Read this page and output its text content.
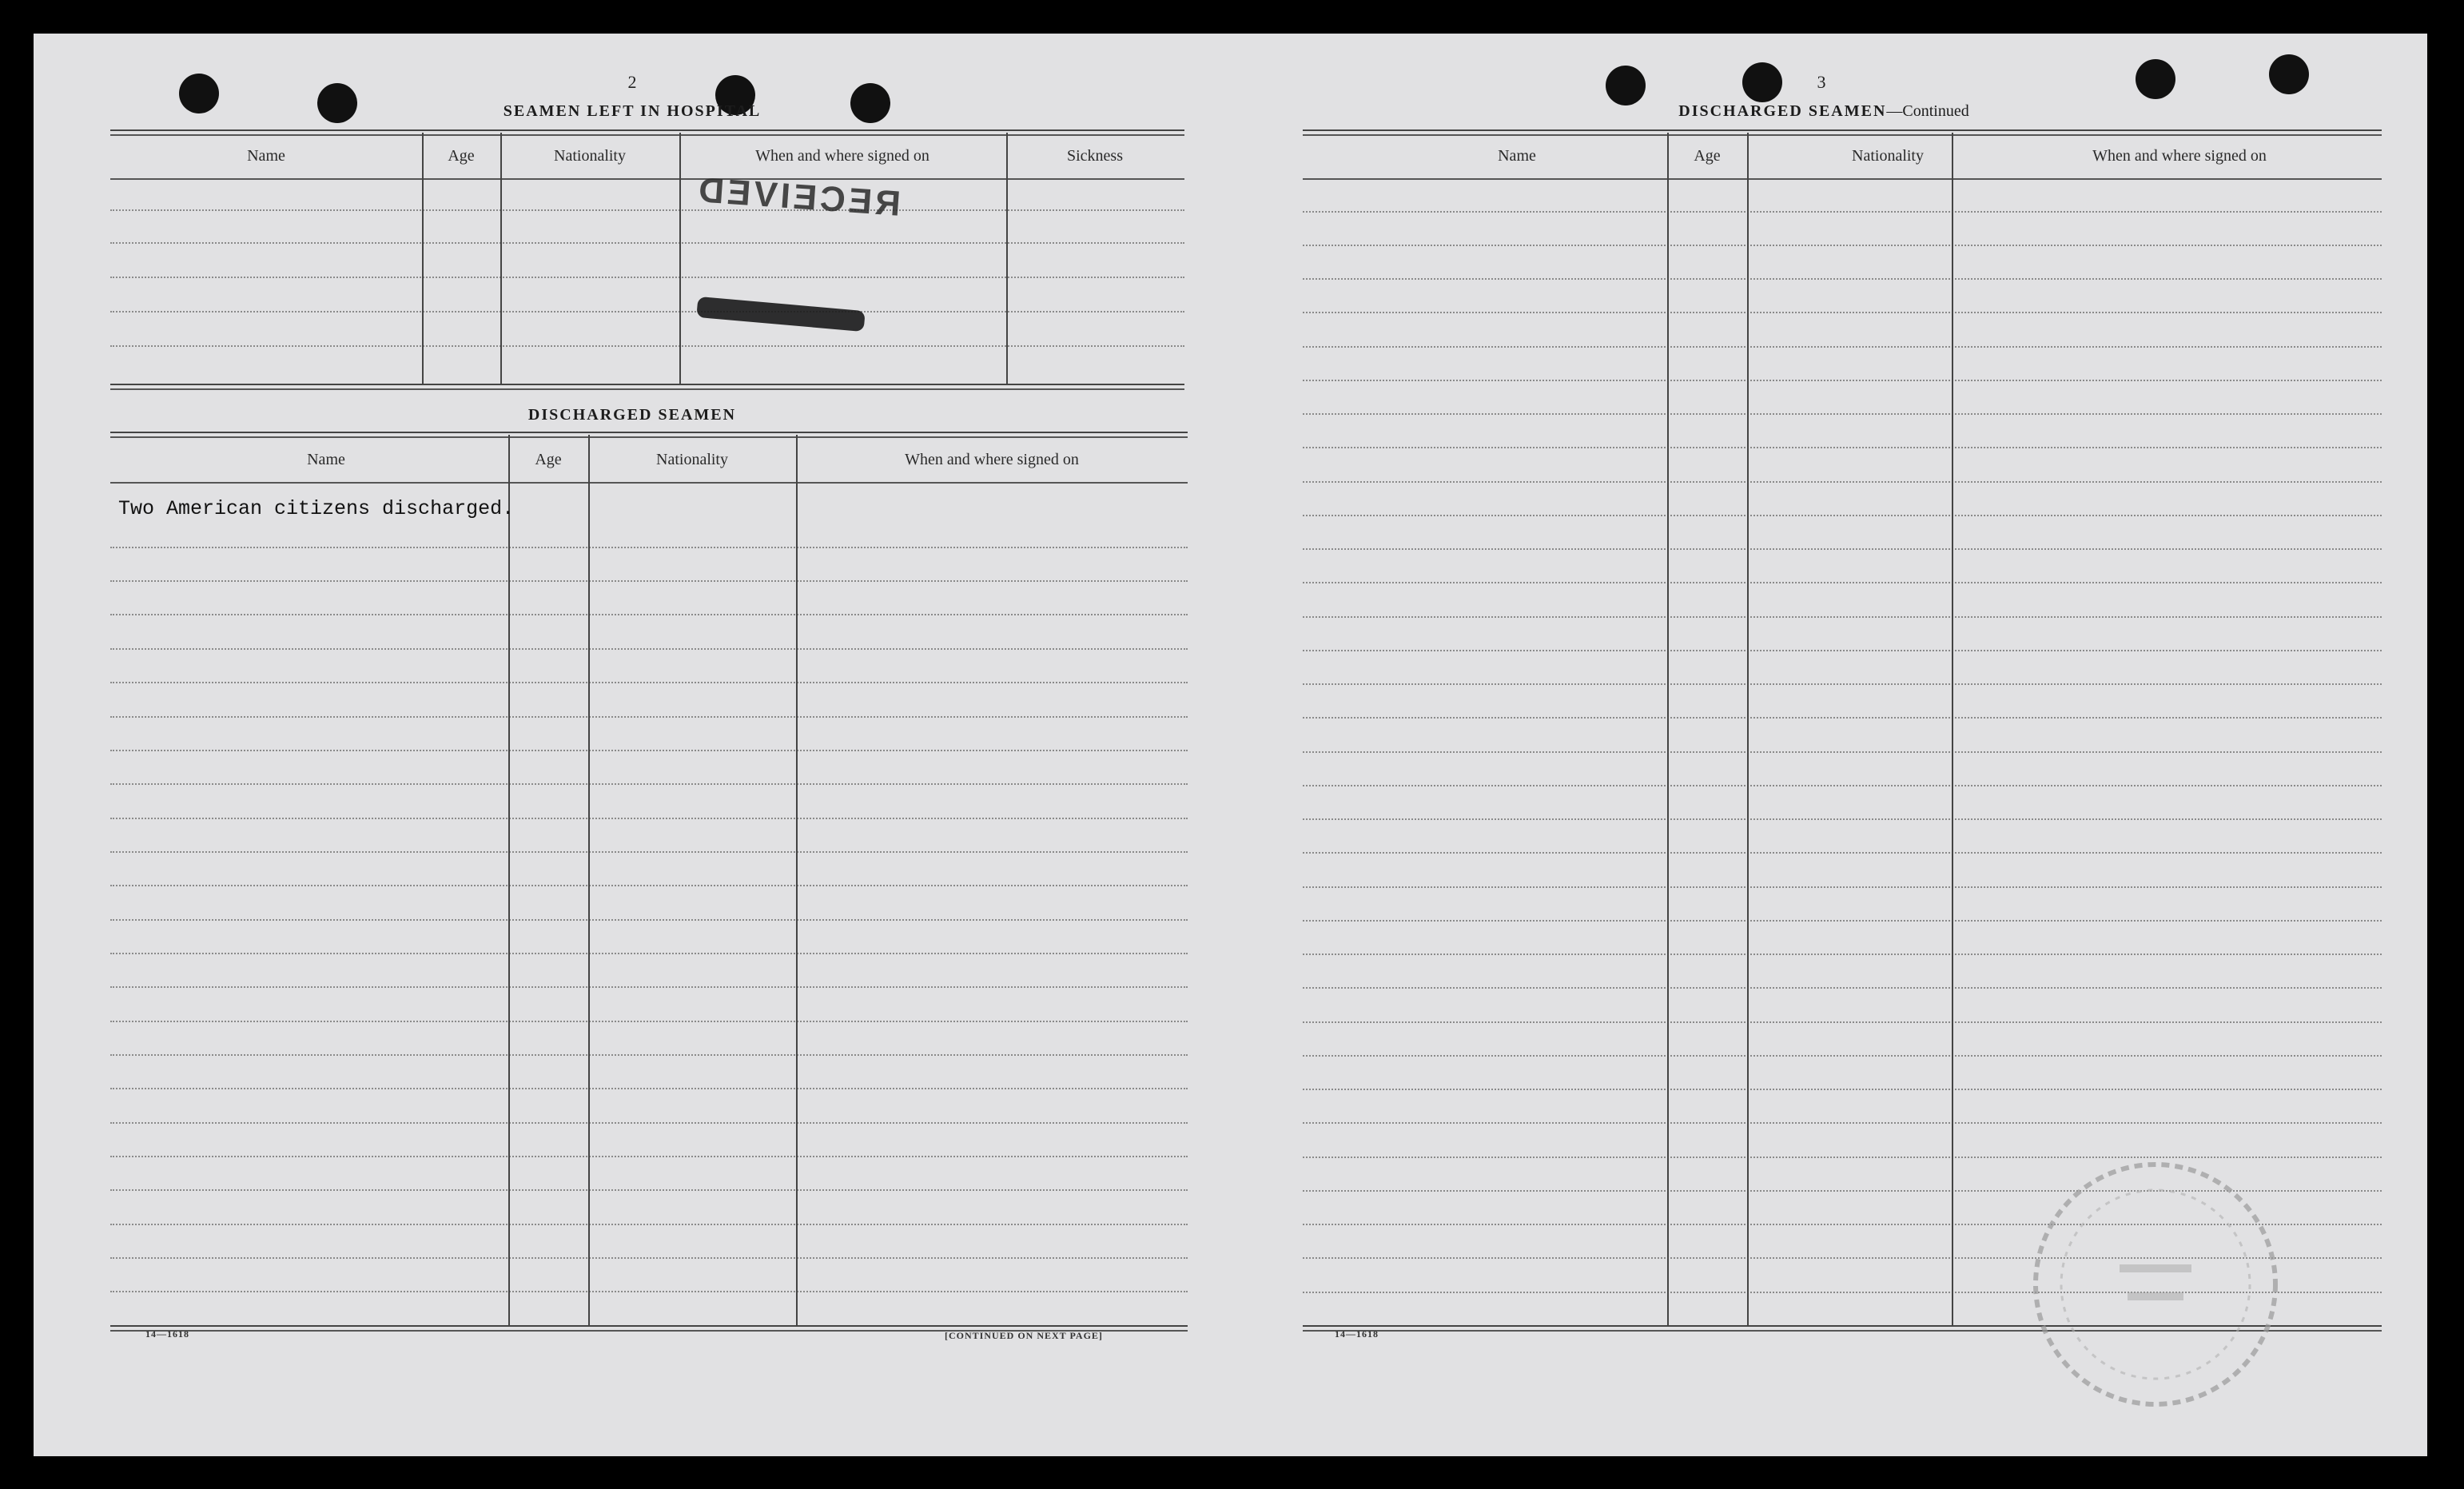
2
SEAMEN LEFT IN HOSPITAL
Name	Age	Nationality	When and where signed on	Sickness
RECEIVED
DISCHARGED SEAMEN
Name	Age	Nationality	When and where signed on
Two American citizens discharged.
14—1618	[CONTINUED ON NEXT PAGE]
3
DISCHARGED SEAMEN—Continued
Name	Age	Nationality	When and where signed on
14—1618
